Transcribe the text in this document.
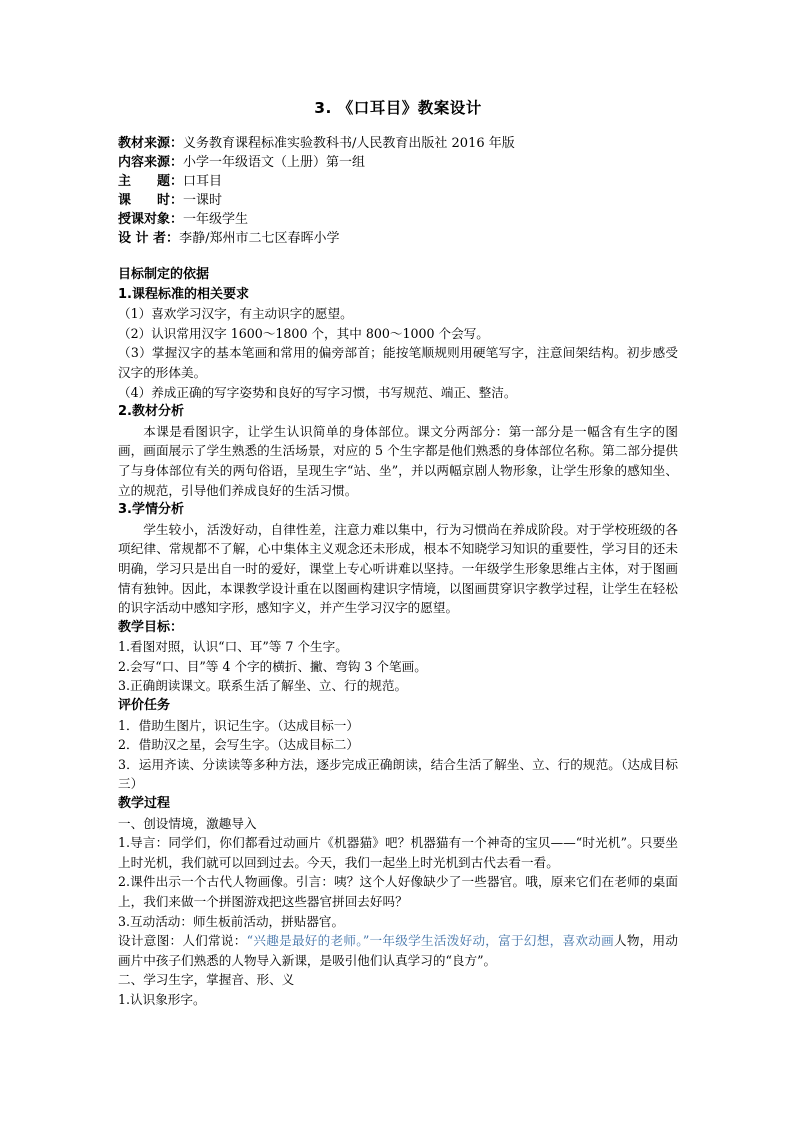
3. 《口耳目》教案设计
教材来源：义务教育课程标准实验教科书/人民教育出版社 2016 年版
内容来源：小学一年级语文（上册）第一组
主　　题：口耳目
课　　时：一课时
授课对象：一年级学生
设 计 者：李静/郑州市二七区春晖小学
目标制定的依据
1.课程标准的相关要求
（1）喜欢学习汉字，有主动识字的愿望。
（2）认识常用汉字 1600～1800 个，其中 800～1000 个会写。
（3）掌握汉字的基本笔画和常用的偏旁部首；能按笔顺规则用硬笔写字，注意间架结构。初步感受汉字的形体美。
（4）养成正确的写字姿势和良好的写字习惯，书写规范、端正、整洁。
2.教材分析
本课是看图识字，让学生认识简单的身体部位。课文分两部分：第一部分是一幅含有生字的图画，画面展示了学生熟悉的生活场景，对应的 5 个生字都是他们熟悉的身体部位名称。第二部分提供了与身体部位有关的两句俗语，呈现生字“站、坐”，并以两幅京剧人物形象，让学生形象的感知坐、立的规范，引导他们养成良好的生活习惯。
3.学情分析
学生较小，活泼好动，自律性差，注意力难以集中，行为习惯尚在养成阶段。对于学校班级的各项纪律、常规都不了解，心中集体主义观念还未形成，根本不知晓学习知识的重要性，学习目的还未明确，学习只是出自一时的爱好，课堂上专心听讲难以坚持。一年级学生形象思维占主体，对于图画情有独钟。因此，本课教学设计重在以图画构建识字情境，以图画贯穿识字教学过程，让学生在轻松的识字活动中感知字形，感知字义，并产生学习汉字的愿望。
教学目标：
1.看图对照，认识“口、耳”等 7 个生字。
2.会写“口、目”等 4 个字的横折、撇、弯钩 3 个笔画。
3.正确朗读课文。联系生活了解坐、立、行的规范。
评价任务
1．借助生图片，识记生字。（达成目标一）
2．借助汉之星，会写生字。（达成目标二）
3．运用齐读、分读读等多种方法，逐步完成正确朗读，结合生活了解坐、立、行的规范。（达成目标三）
教学过程
一、创设情境，激趣导入
1.导言：同学们，你们都看过动画片《机器猫》吧？机器猫有一个神奇的宝贝——“时光机”。只要坐上时光机，我们就可以回到过去。今天，我们一起坐上时光机到古代去看一看。
2.课件出示一个古代人物画像。引言：咦？这个人好像缺少了一些器官。哦，原来它们在老师的桌面上，我们来做一个拼图游戏把这些器官拼回去好吗？
3.互动活动：师生板前活动，拼贴器官。
设计意图：人们常说：“兴趣是最好的老师。”一年级学生活泼好动，富于幻想，喜欢动画人物，用动画片中孩子们熟悉的人物导入新课，是吸引他们认真学习的“良方”。
二、学习生字，掌握音、形、义
1.认识象形字。
